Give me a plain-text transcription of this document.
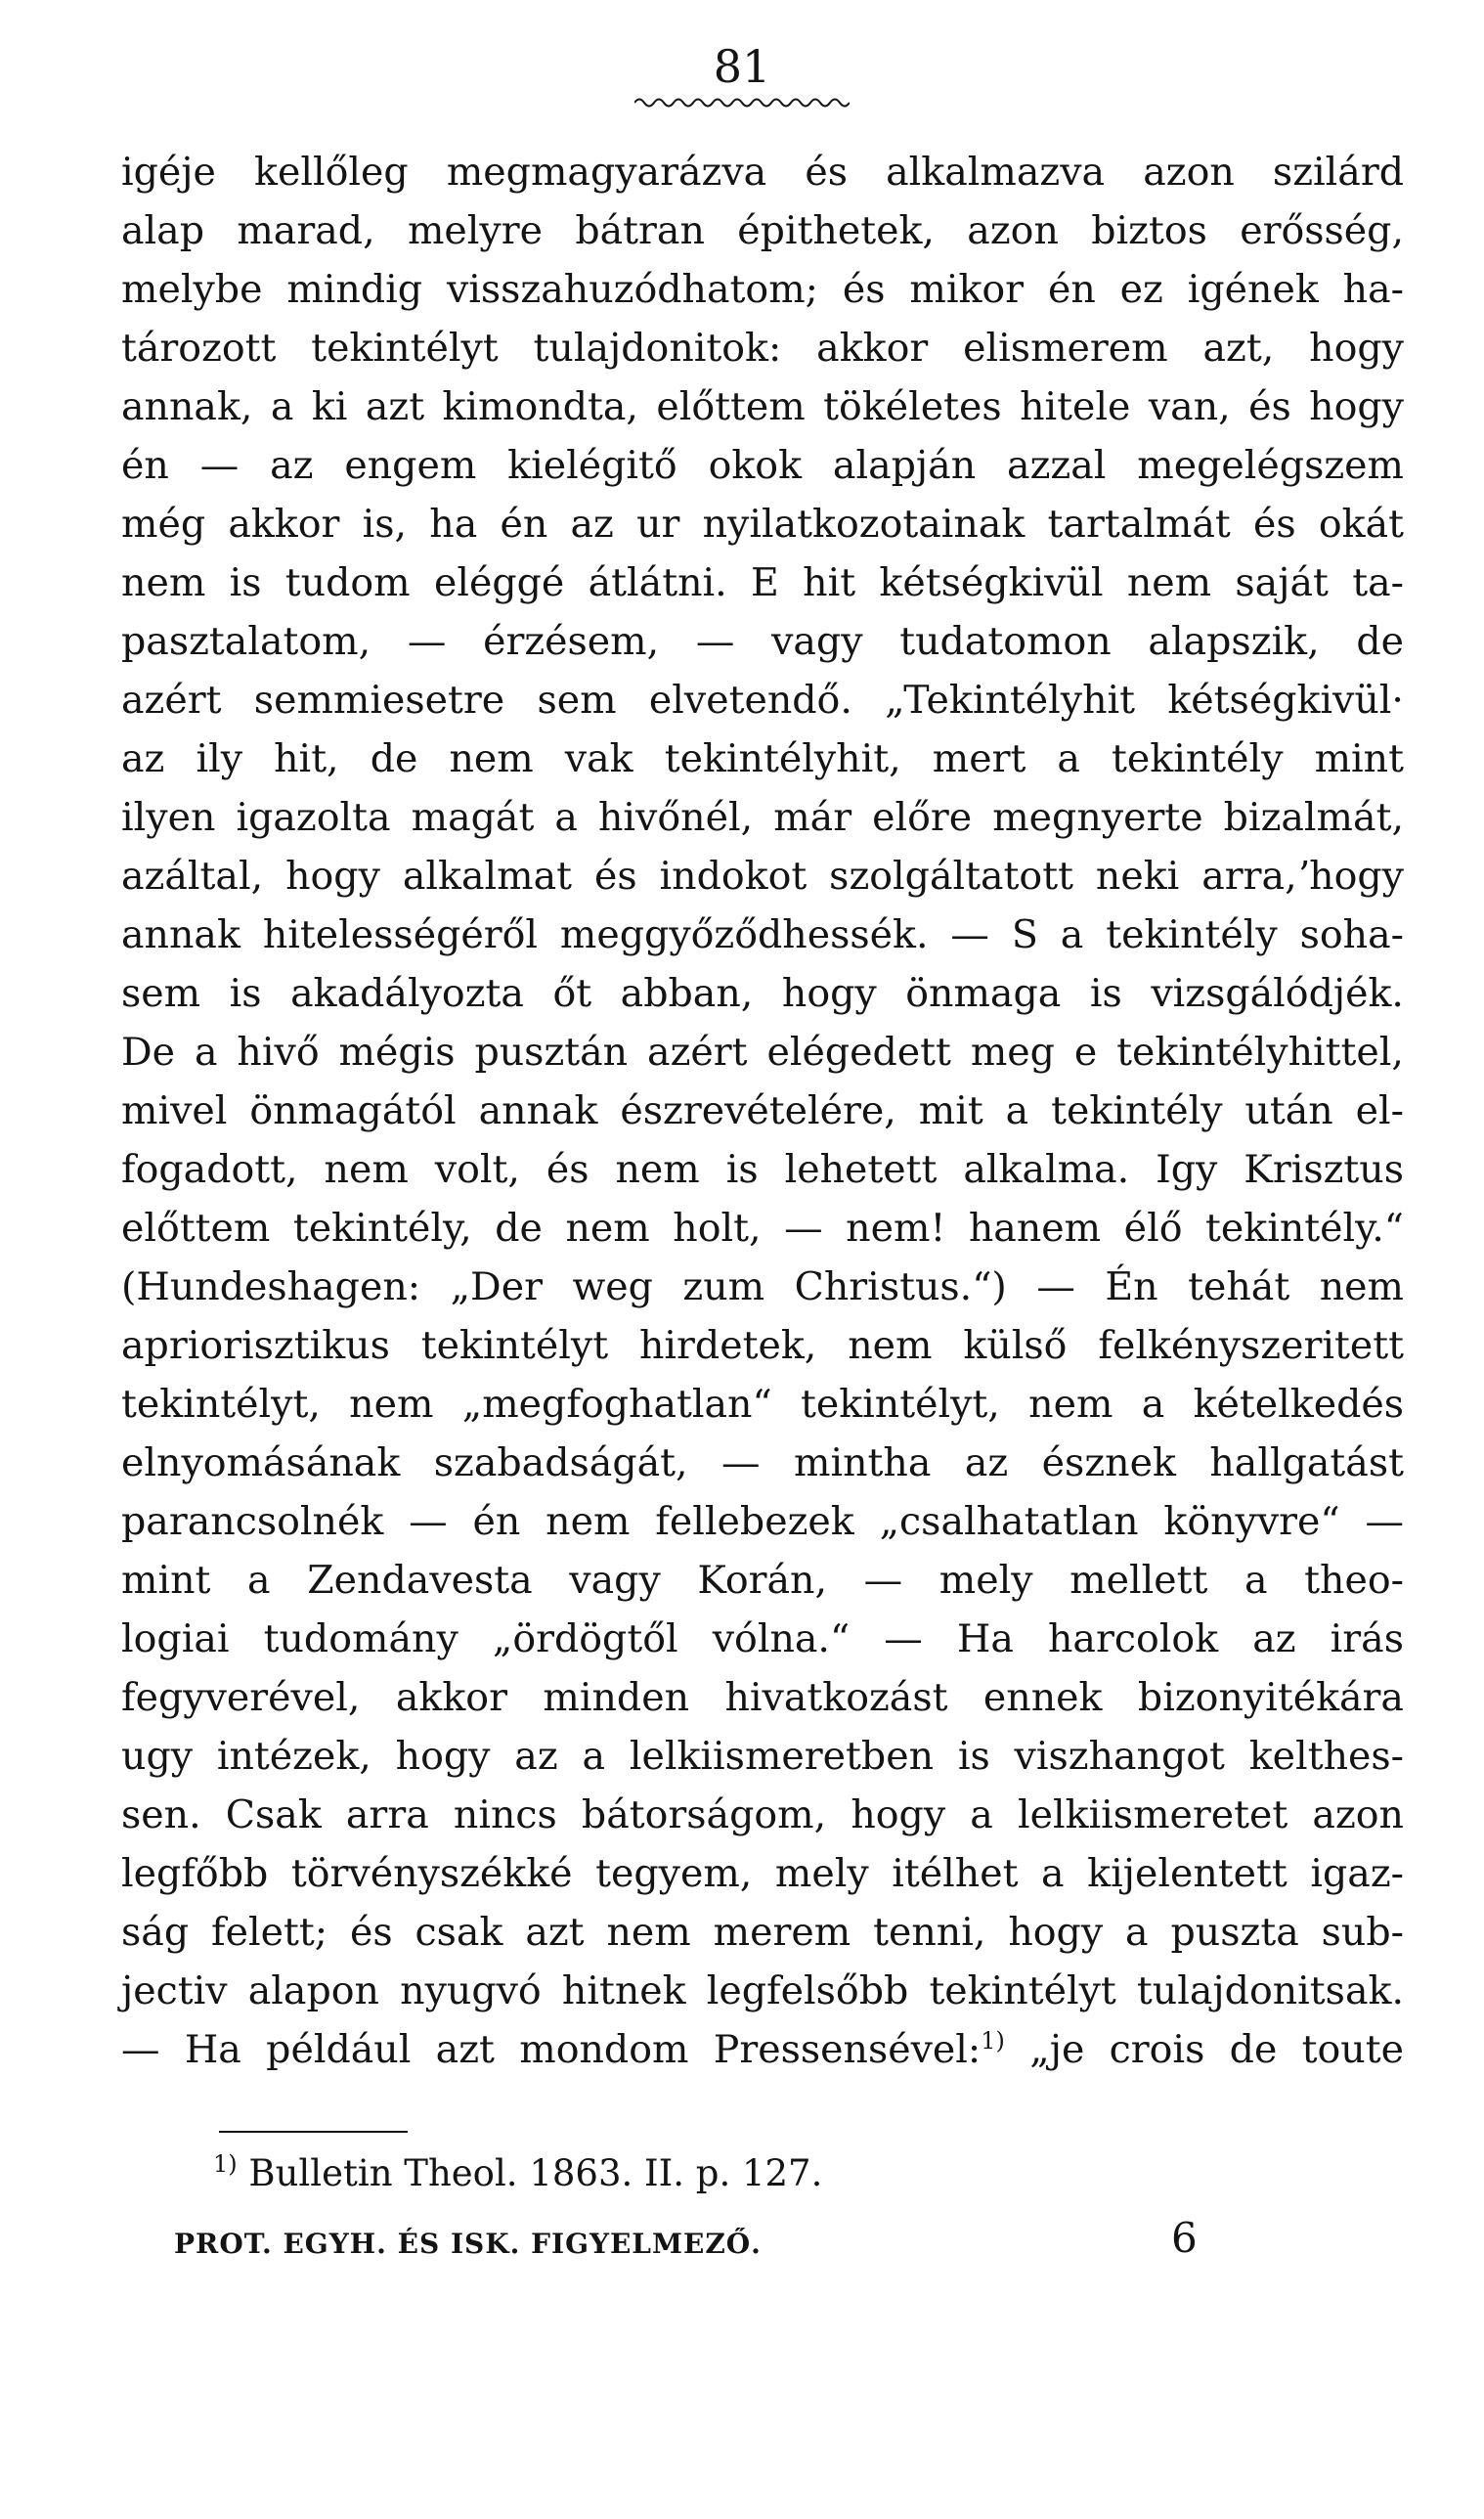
81
igéje kellőleg megmagyarázva és alkalmazva azon szilárd
alap marad, melyre bátran épithetek, azon biztos erősség,
melybe mindig visszahuzódhatom; és mikor én ez igének ha-
tározott tekintélyt tulajdonitok: akkor elismerem azt, hogy
annak, a ki azt kimondta, előttem tökéletes hitele van, és hogy
én — az engem kielégitő okok alapján azzal megelégszem
még akkor is, ha én az ur nyilatkozotainak tartalmát és okát
nem is tudom eléggé átlátni. E hit kétségkivül nem saját ta-
pasztalatom, — érzésem, — vagy tudatomon alapszik, de
azért semmiesetre sem elvetendő. „Tekintélyhit kétségkivül·
az ily hit, de nem vak tekintélyhit, mert a tekintély mint
ilyen igazolta magát a hivőnél, már előre megnyerte bizalmát,
azáltal, hogy alkalmat és indokot szolgáltatott neki arra,ʼhogy
annak hitelességéről meggyőződhessék. — S a tekintély soha-
sem is akadályozta őt abban, hogy önmaga is vizsgálódjék.
De a hivő mégis pusztán azért elégedett meg e tekintélyhittel,
mivel önmagától annak észrevételére, mit a tekintély után el-
fogadott, nem volt, és nem is lehetett alkalma. Igy Krisztus
előttem tekintély, de nem holt, — nem! hanem élő tekintély.“
(Hundeshagen: „Der weg zum Christus.“) — Én tehát nem
apriorisztikus tekintélyt hirdetek, nem külső felkényszeritett
tekintélyt, nem „megfoghatlan“ tekintélyt, nem a kételkedés
elnyomásának szabadságát, — mintha az észnek hallgatást
parancsolnék — én nem fellebezek „csalhatatlan könyvre“ —
mint a Zendavesta vagy Korán, — mely mellett a theo-
logiai tudomány „ördögtől vólna.“ — Ha harcolok az irás
fegyverével, akkor minden hivatkozást ennek bizonyitékára
ugy intézek, hogy az a lelkiismeretben is viszhangot kelthes-
sen. Csak arra nincs bátorságom, hogy a lelkiismeretet azon
legfőbb törvényszékké tegyem, mely itélhet a kijelentett igaz-
ság felett; és csak azt nem merem tenni, hogy a puszta sub-
jectiv alapon nyugvó hitnek legfelsőbb tekintélyt tulajdonitsak.
— Ha például azt mondom Pressensével:$^{1)}$ „je crois de toute
$^{1)}$ Bulletin Theol. 1863. II. p. 127.
PROT. EGYH. ÉS ISK. FIGYELMEZŐ.	6
